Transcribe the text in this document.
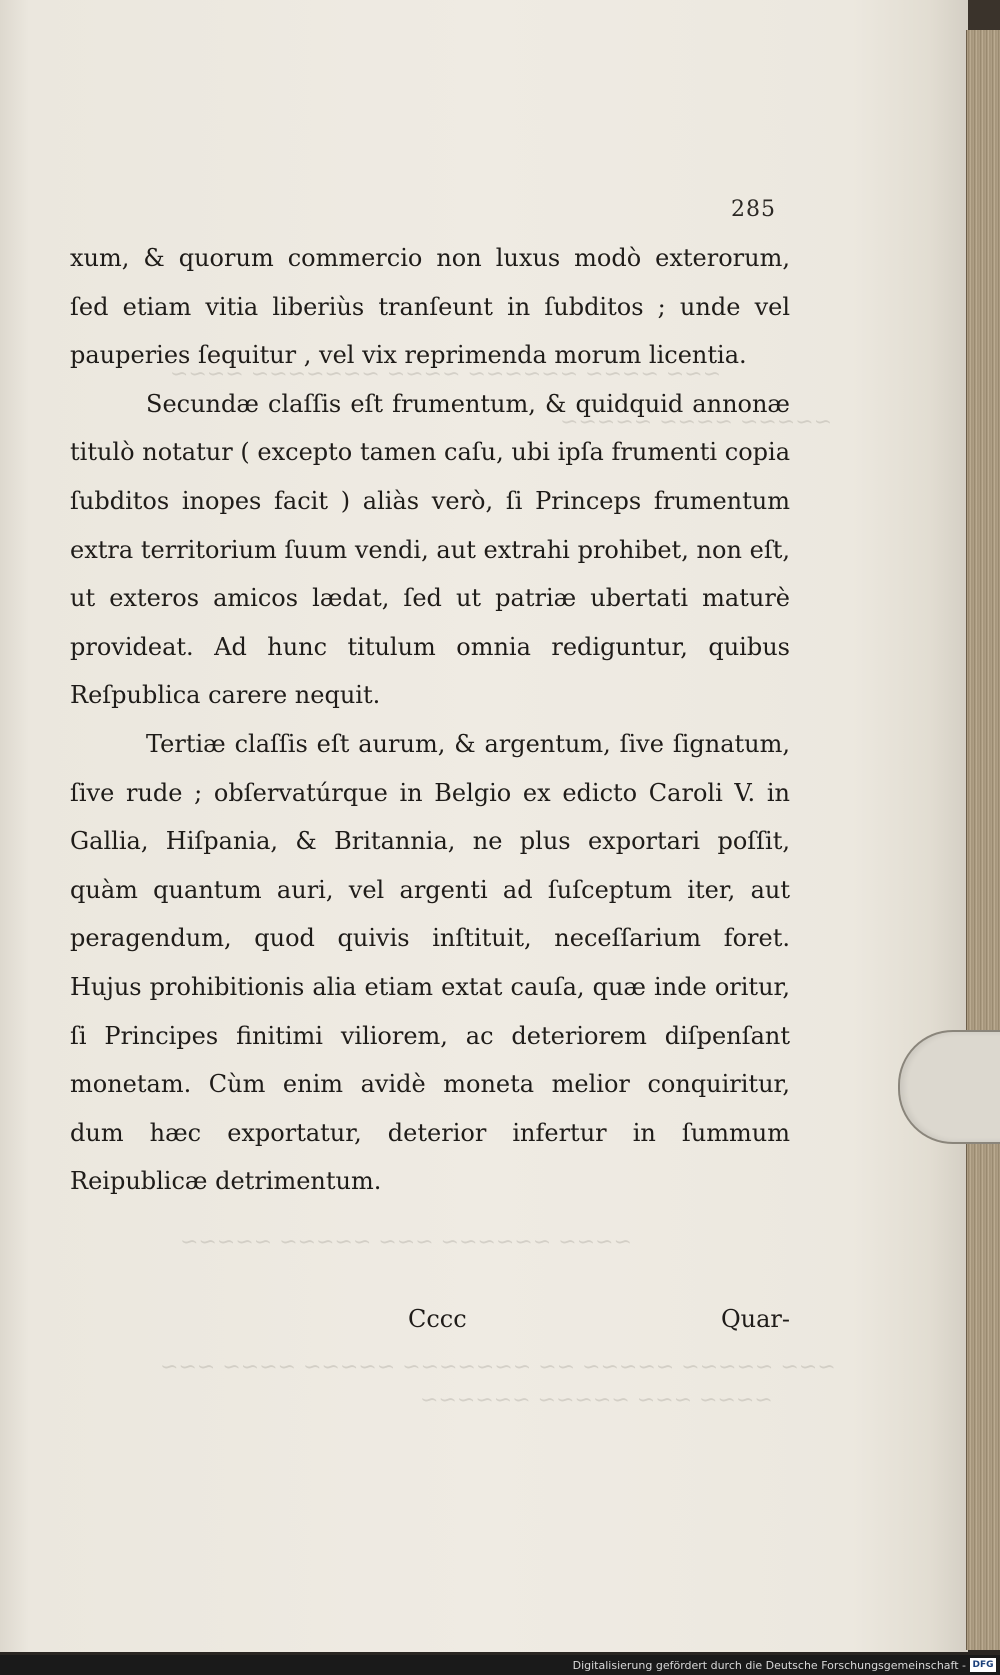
~~~ ~~~~ ~~~~~~ ~~~~ ~~~~~~~ ~~~~
~~~~~ ~~~~ ~~~~~
~~~~ ~~~~~~ ~~~ ~~~~~ ~~~~~
~~~ ~~~~~ ~~~~~ ~~ ~~~~~~~ ~~~~~ ~~~~ ~~~
~~~~ ~~~ ~~~~~ ~~~~~~
285

xum, & quorum commercio non luxus modò exterorum, ſed etiam vitia liberiùs tranſeunt in ſubditos ; unde vel pauperies ſequitur , vel vix reprimenda morum licentia.

Secundæ claſſis eſt frumentum, & quidquid annonæ titulò notatur ( excepto tamen caſu, ubi ipſa frumenti copia ſubditos inopes facit ) aliàs verò, ſi Princeps frumentum extra territorium ſuum vendi, aut extrahi prohibet, non eſt, ut exteros amicos lædat, ſed ut patriæ ubertati maturè provideat. Ad hunc titulum omnia rediguntur, quibus Reſpublica carere nequit.

Tertiæ claſſis eſt aurum, & argentum, ſive ſignatum, ſive rude ; obſervatúrque in Belgio ex edicto Caroli V. in Gallia, Hiſpania, & Britannia, ne plus exportari poſſit, quàm quantum auri, vel argenti ad ſuſceptum iter, aut peragendum, quod quivis inſtituit, neceſſarium foret. Hujus prohibitionis alia etiam extat cauſa, quæ inde oritur, ſi Principes finitimi viliorem, ac deteriorem diſpenſant monetam. Cùm enim avidè moneta melior conquiritur, dum hæc exportatur, deterior infertur in ſummum Reipublicæ detrimentum.

Cccc	Quar-
Digitalisierung gefördert durch die Deutsche Forschungsgemeinschaft - DFG
